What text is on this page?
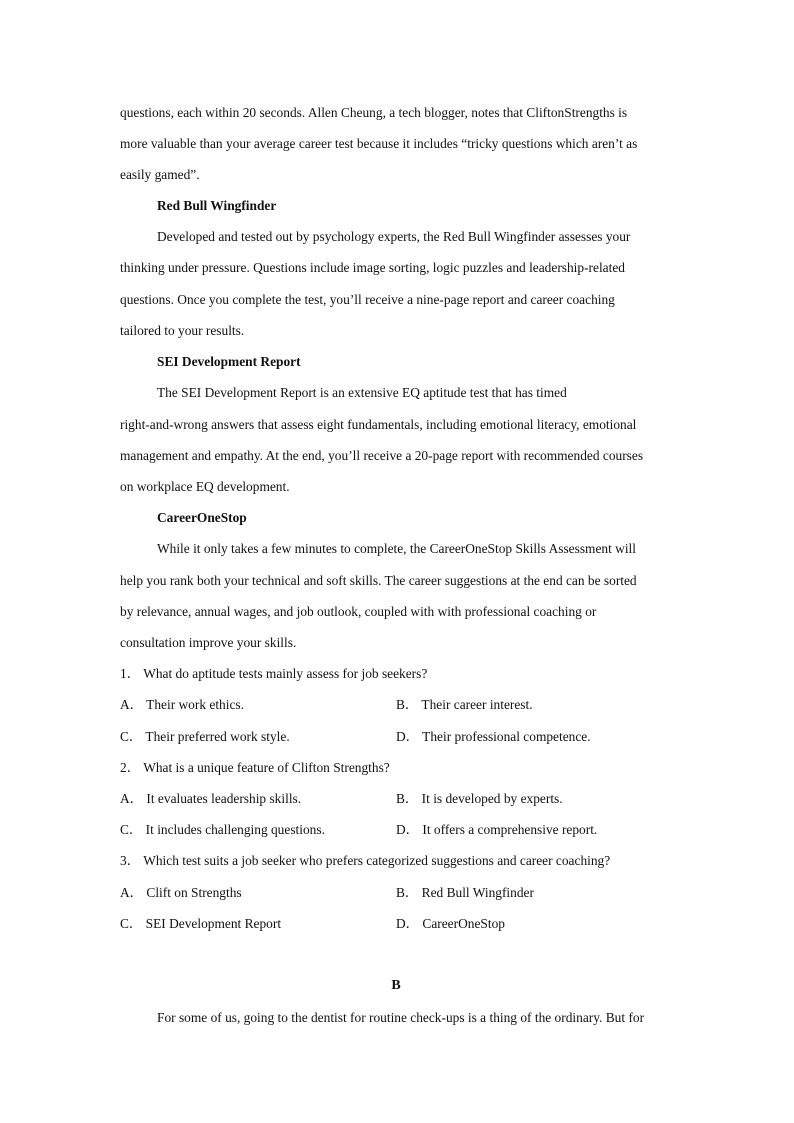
questions, each within 20 seconds. Allen Cheung, a tech blogger, notes that CliftonStrengths is
more valuable than your average career test because it includes “tricky questions which aren’t as
easily gamed”.
Red Bull Wingfinder
Developed and tested out by psychology experts, the Red Bull Wingfinder assesses your
thinking under pressure. Questions include image sorting, logic puzzles and leadership-related
questions. Once you complete the test, you’ll receive a nine-page report and career coaching
tailored to your results.
SEI Development Report
The SEI Development Report is an extensive EQ aptitude test that has timed
right-and-wrong answers that assess eight fundamentals, including emotional literacy, emotional
management and empathy. At the end, you’ll receive a 20-page report with recommended courses
on workplace EQ development.
CareerOneStop
While it only takes a few minutes to complete, the CareerOneStop Skills Assessment will
help you rank both your technical and soft skills. The career suggestions at the end can be sorted
by relevance, annual wages, and job outlook, coupled with with professional coaching or
consultation improve your skills.
1． What do aptitude tests mainly assess for job seekers?
A． Their work ethics.	B． Their career interest.
C． Their preferred work style.	D． Their professional competence.
2． What is a unique feature of Clifton Strengths?
A． It evaluates leadership skills.	B． It is developed by experts.
C． It includes challenging questions.	D． It offers a comprehensive report.
3． Which test suits a job seeker who prefers categorized suggestions and career coaching?
A． Clift on Strengths	B． Red Bull Wingfinder
C． SEI Development Report	D． CareerOneStop
B
For some of us, going to the dentist for routine check-ups is a thing of the ordinary. But for
